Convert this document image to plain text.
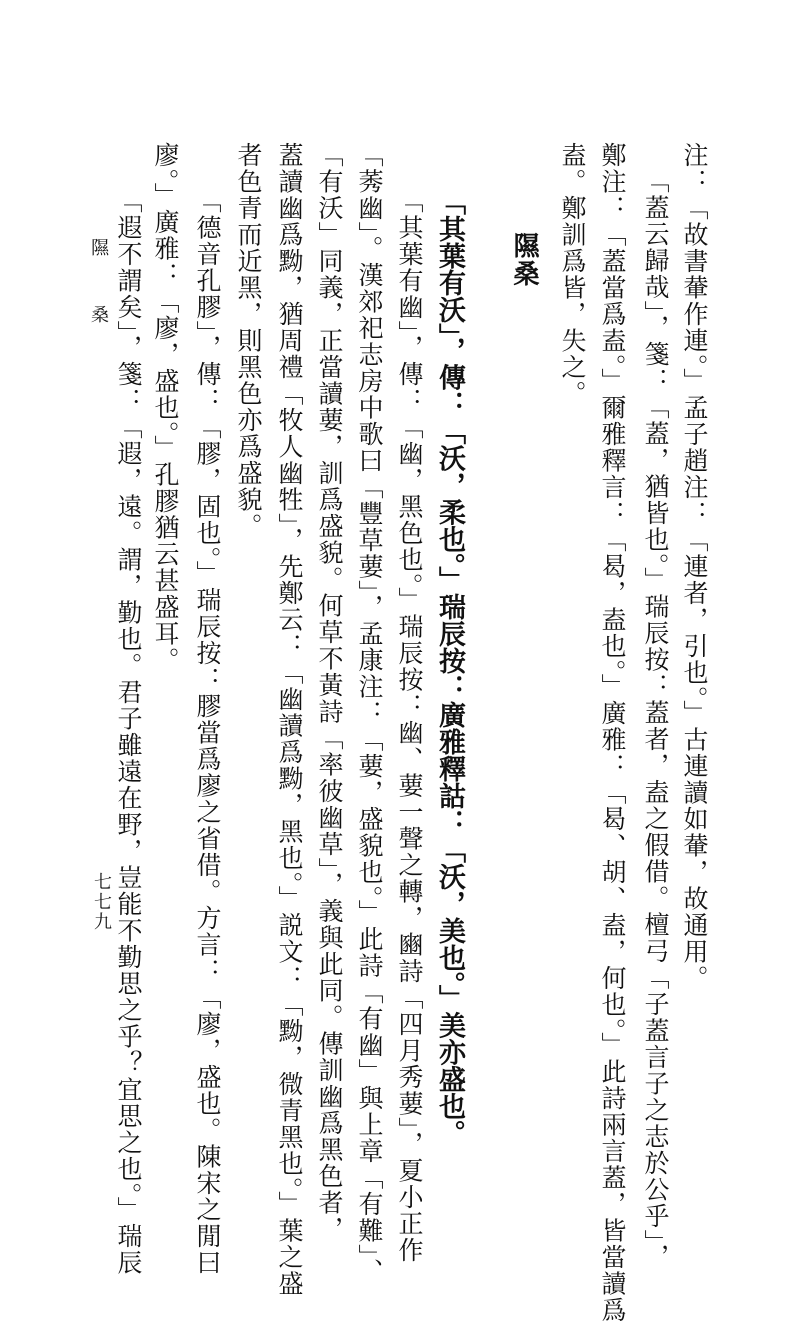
注：「故書輂作連。」孟子趙注：「連者，引也。」古連讀如輂，故通用。
「蓋云歸哉」，箋：「蓋，猶皆也。」瑞辰按：蓋者，盍之假借。檀弓「子蓋言子之志於公乎」，
鄭注：「蓋當爲盍。」爾雅釋言：「曷，盍也。」廣雅：「曷、胡、盍，何也。」此詩兩言蓋，皆當讀爲
盍。鄭訓爲皆，失之。
隰桑
「其葉有沃」，傳：「沃，柔也。」瑞辰按：廣雅釋詁：「沃，美也。」美亦盛也。
「其葉有幽」，傳：「幽，黑色也。」瑞辰按：幽、葽一聲之轉，豳詩「四月秀葽」，夏小正作
「莠幽」。漢郊祀志房中歌曰「豐草葽」，孟康注：「葽，盛貌也。」此詩「有幽」與上章「有難」、
「有沃」同義，正當讀葽，訓爲盛貌。何草不黃詩「率彼幽草」，義與此同。傳訓幽爲黑色者，
蓋讀幽爲黝，猶周禮「牧人幽牲」，先鄭云：「幽讀爲黝，黑也。」説文：「黝，微青黑也。」葉之盛
者色青而近黑，則黑色亦爲盛貌。
「德音孔膠」，傳：「膠，固也。」瑞辰按：膠當爲廖之省借。方言：「廖，盛也。陳宋之閒曰
廖。」廣雅：「廖，盛也。」孔膠猶云甚盛耳。
「遐不謂矣」，箋：「遐，遠。謂，勤也。君子雖遠在野，豈能不勤思之乎？宜思之也。」瑞辰
隰 桑
七七九
